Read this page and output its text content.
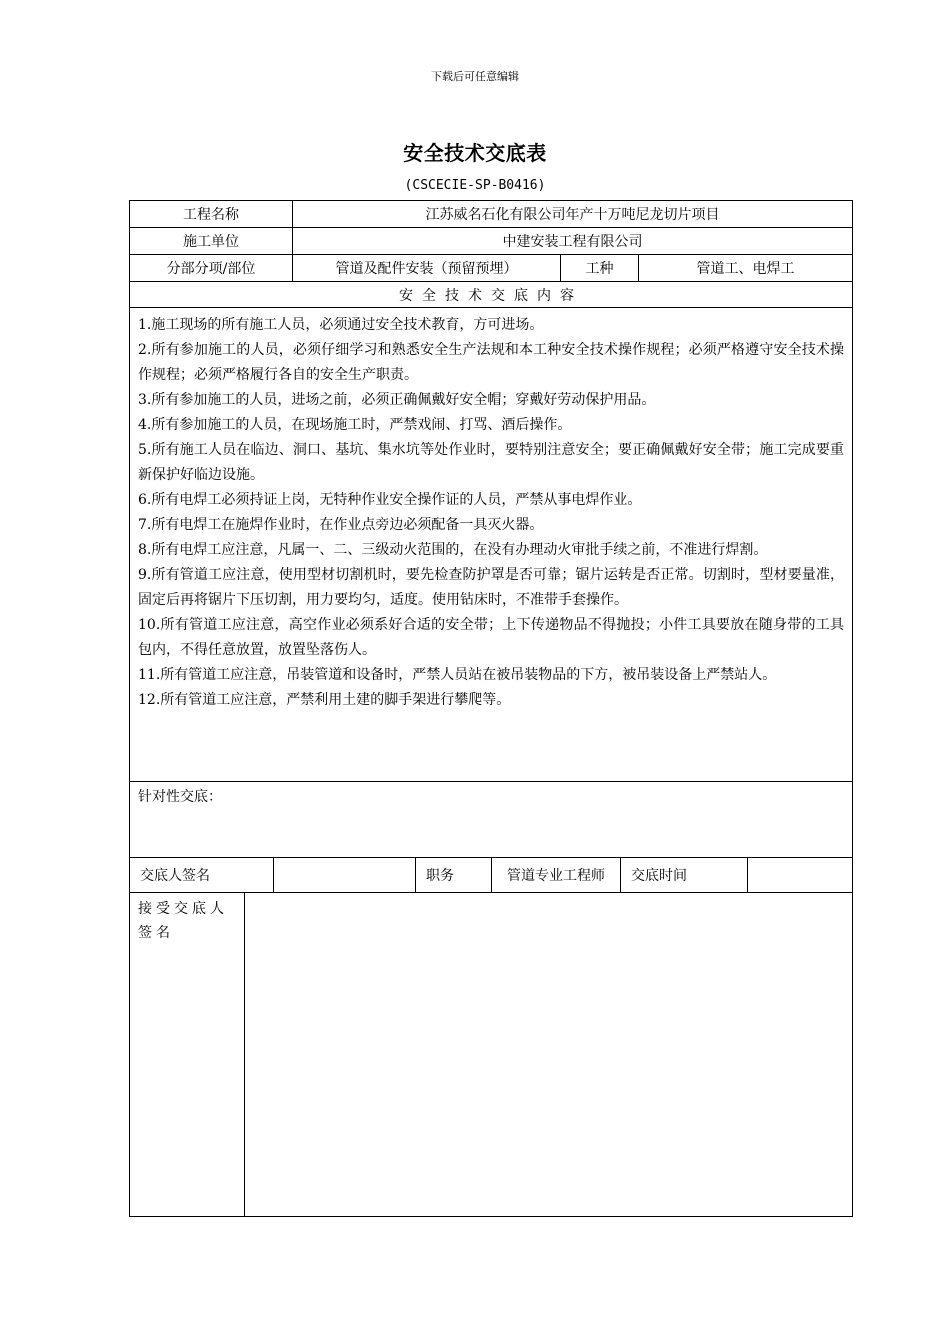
下载后可任意编辑
安全技术交底表
(CSCECIE-SP-B0416)
工程名称	江苏威名石化有限公司年产十万吨尼龙切片项目
施工单位	中建安装工程有限公司
分部分项/部位	管道及配件安装（预留预埋）	工种	管道工、电焊工
安全技术交底内容
1.施工现场的所有施工人员，必须通过安全技术教育，方可进场。
2.所有参加施工的人员，必须仔细学习和熟悉安全生产法规和本工种安全技术操作规程；必须严格遵守安全技术操作规程；必须严格履行各自的安全生产职责。
3.所有参加施工的人员，进场之前，必须正确佩戴好安全帽；穿戴好劳动保护用品。
4.所有参加施工的人员，在现场施工时，严禁戏闹、打骂、酒后操作。
5.所有施工人员在临边、洞口、基坑、集水坑等处作业时，要特别注意安全；要正确佩戴好安全带；施工完成要重新保护好临边设施。
6.所有电焊工必须持证上岗，无特种作业安全操作证的人员，严禁从事电焊作业。
7.所有电焊工在施焊作业时，在作业点旁边必须配备一具灭火器。
8.所有电焊工应注意，凡属一、二、三级动火范围的，在没有办理动火审批手续之前，不准进行焊割。
9.所有管道工应注意，使用型材切割机时，要先检查防护罩是否可靠；锯片运转是否正常。切割时，型材要量准，固定后再将锯片下压切割，用力要均匀，适度。使用钻床时，不准带手套操作。
10.所有管道工应注意，高空作业必须系好合适的安全带；上下传递物品不得抛投；小件工具要放在随身带的工具包内，不得任意放置，放置坠落伤人。
11.所有管道工应注意，吊装管道和设备时，严禁人员站在被吊装物品的下方，被吊装设备上严禁站人。
12.所有管道工应注意，严禁利用土建的脚手架进行攀爬等。
针对性交底：
交底人签名	职务	管道专业工程师	交底时间
接受交底人签名
